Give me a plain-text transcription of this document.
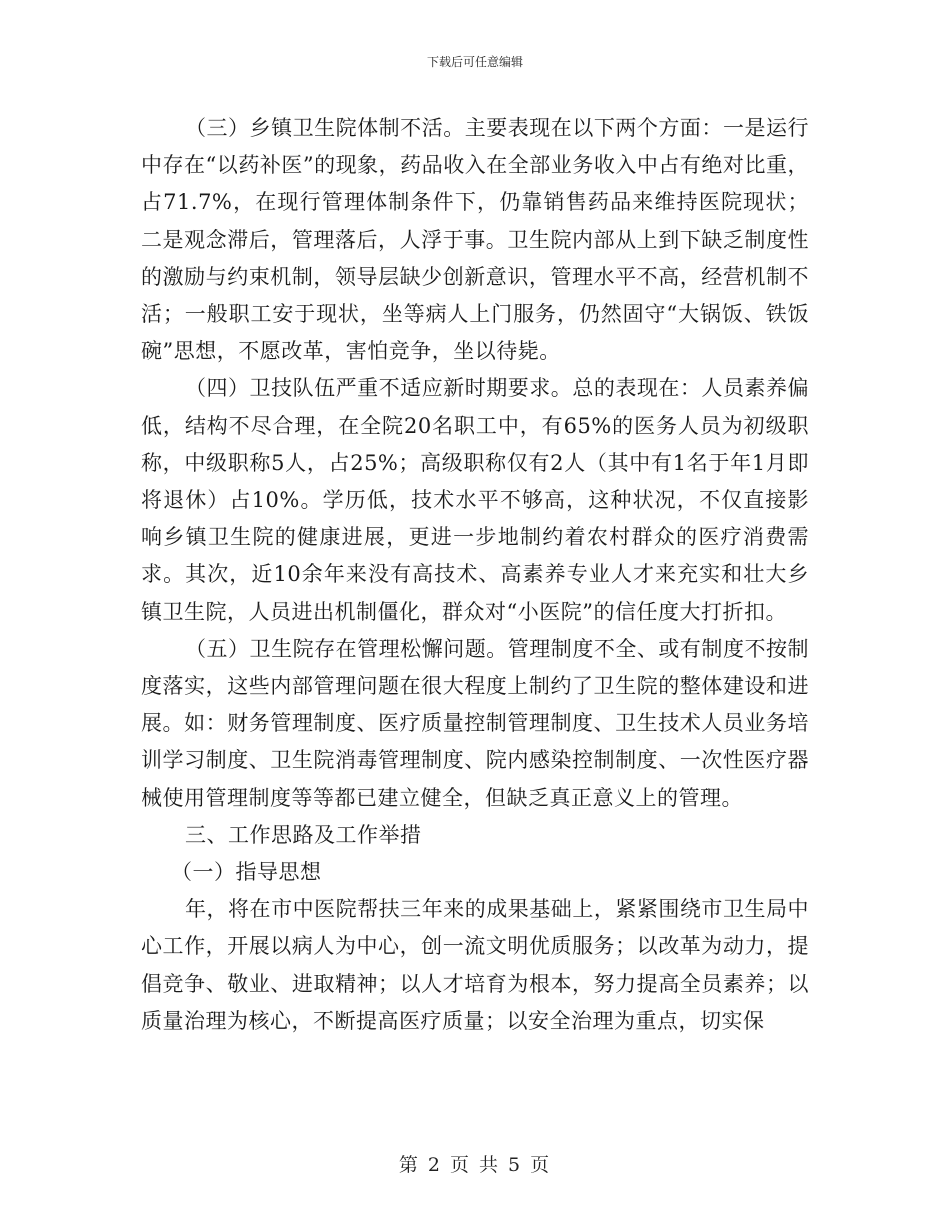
下载后可任意编辑

（三）乡镇卫生院体制不活。主要表现在以下两个方面：一是运行中存在“以药补医”的现象，药品收入在全部业务收入中占有绝对比重，占71.7%，在现行管理体制条件下，仍靠销售药品来维持医院现状；二是观念滞后，管理落后，人浮于事。卫生院内部从上到下缺乏制度性的激励与约束机制，领导层缺少创新意识，管理水平不高，经营机制不活；一般职工安于现状，坐等病人上门服务，仍然固守“大锅饭、铁饭碗”思想，不愿改革，害怕竞争，坐以待毙。

（四）卫技队伍严重不适应新时期要求。总的表现在：人员素养偏低，结构不尽合理，在全院20名职工中，有65%的医务人员为初级职称，中级职称5人，占25%；高级职称仅有2人（其中有1名于年1月即将退休）占10%。学历低，技术水平不够高，这种状况，不仅直接影响乡镇卫生院的健康进展，更进一步地制约着农村群众的医疗消费需求。其次，近10余年来没有高技术、高素养专业人才来充实和壮大乡镇卫生院，人员进出机制僵化，群众对“小医院”的信任度大打折扣。

（五）卫生院存在管理松懈问题。管理制度不全、或有制度不按制度落实，这些内部管理问题在很大程度上制约了卫生院的整体建设和进展。如：财务管理制度、医疗质量控制管理制度、卫生技术人员业务培训学习制度、卫生院消毒管理制度、院内感染控制制度、一次性医疗器械使用管理制度等等都已建立健全，但缺乏真正意义上的管理。

三、工作思路及工作举措

（一）指导思想

年，将在市中医院帮扶三年来的成果基础上，紧紧围绕市卫生局中心工作，开展以病人为中心，创一流文明优质服务；以改革为动力，提倡竞争、敬业、进取精神；以人才培育为根本，努力提高全员素养；以质量治理为核心，不断提高医疗质量；以安全治理为重点，切实保

第 2 页 共 5 页
